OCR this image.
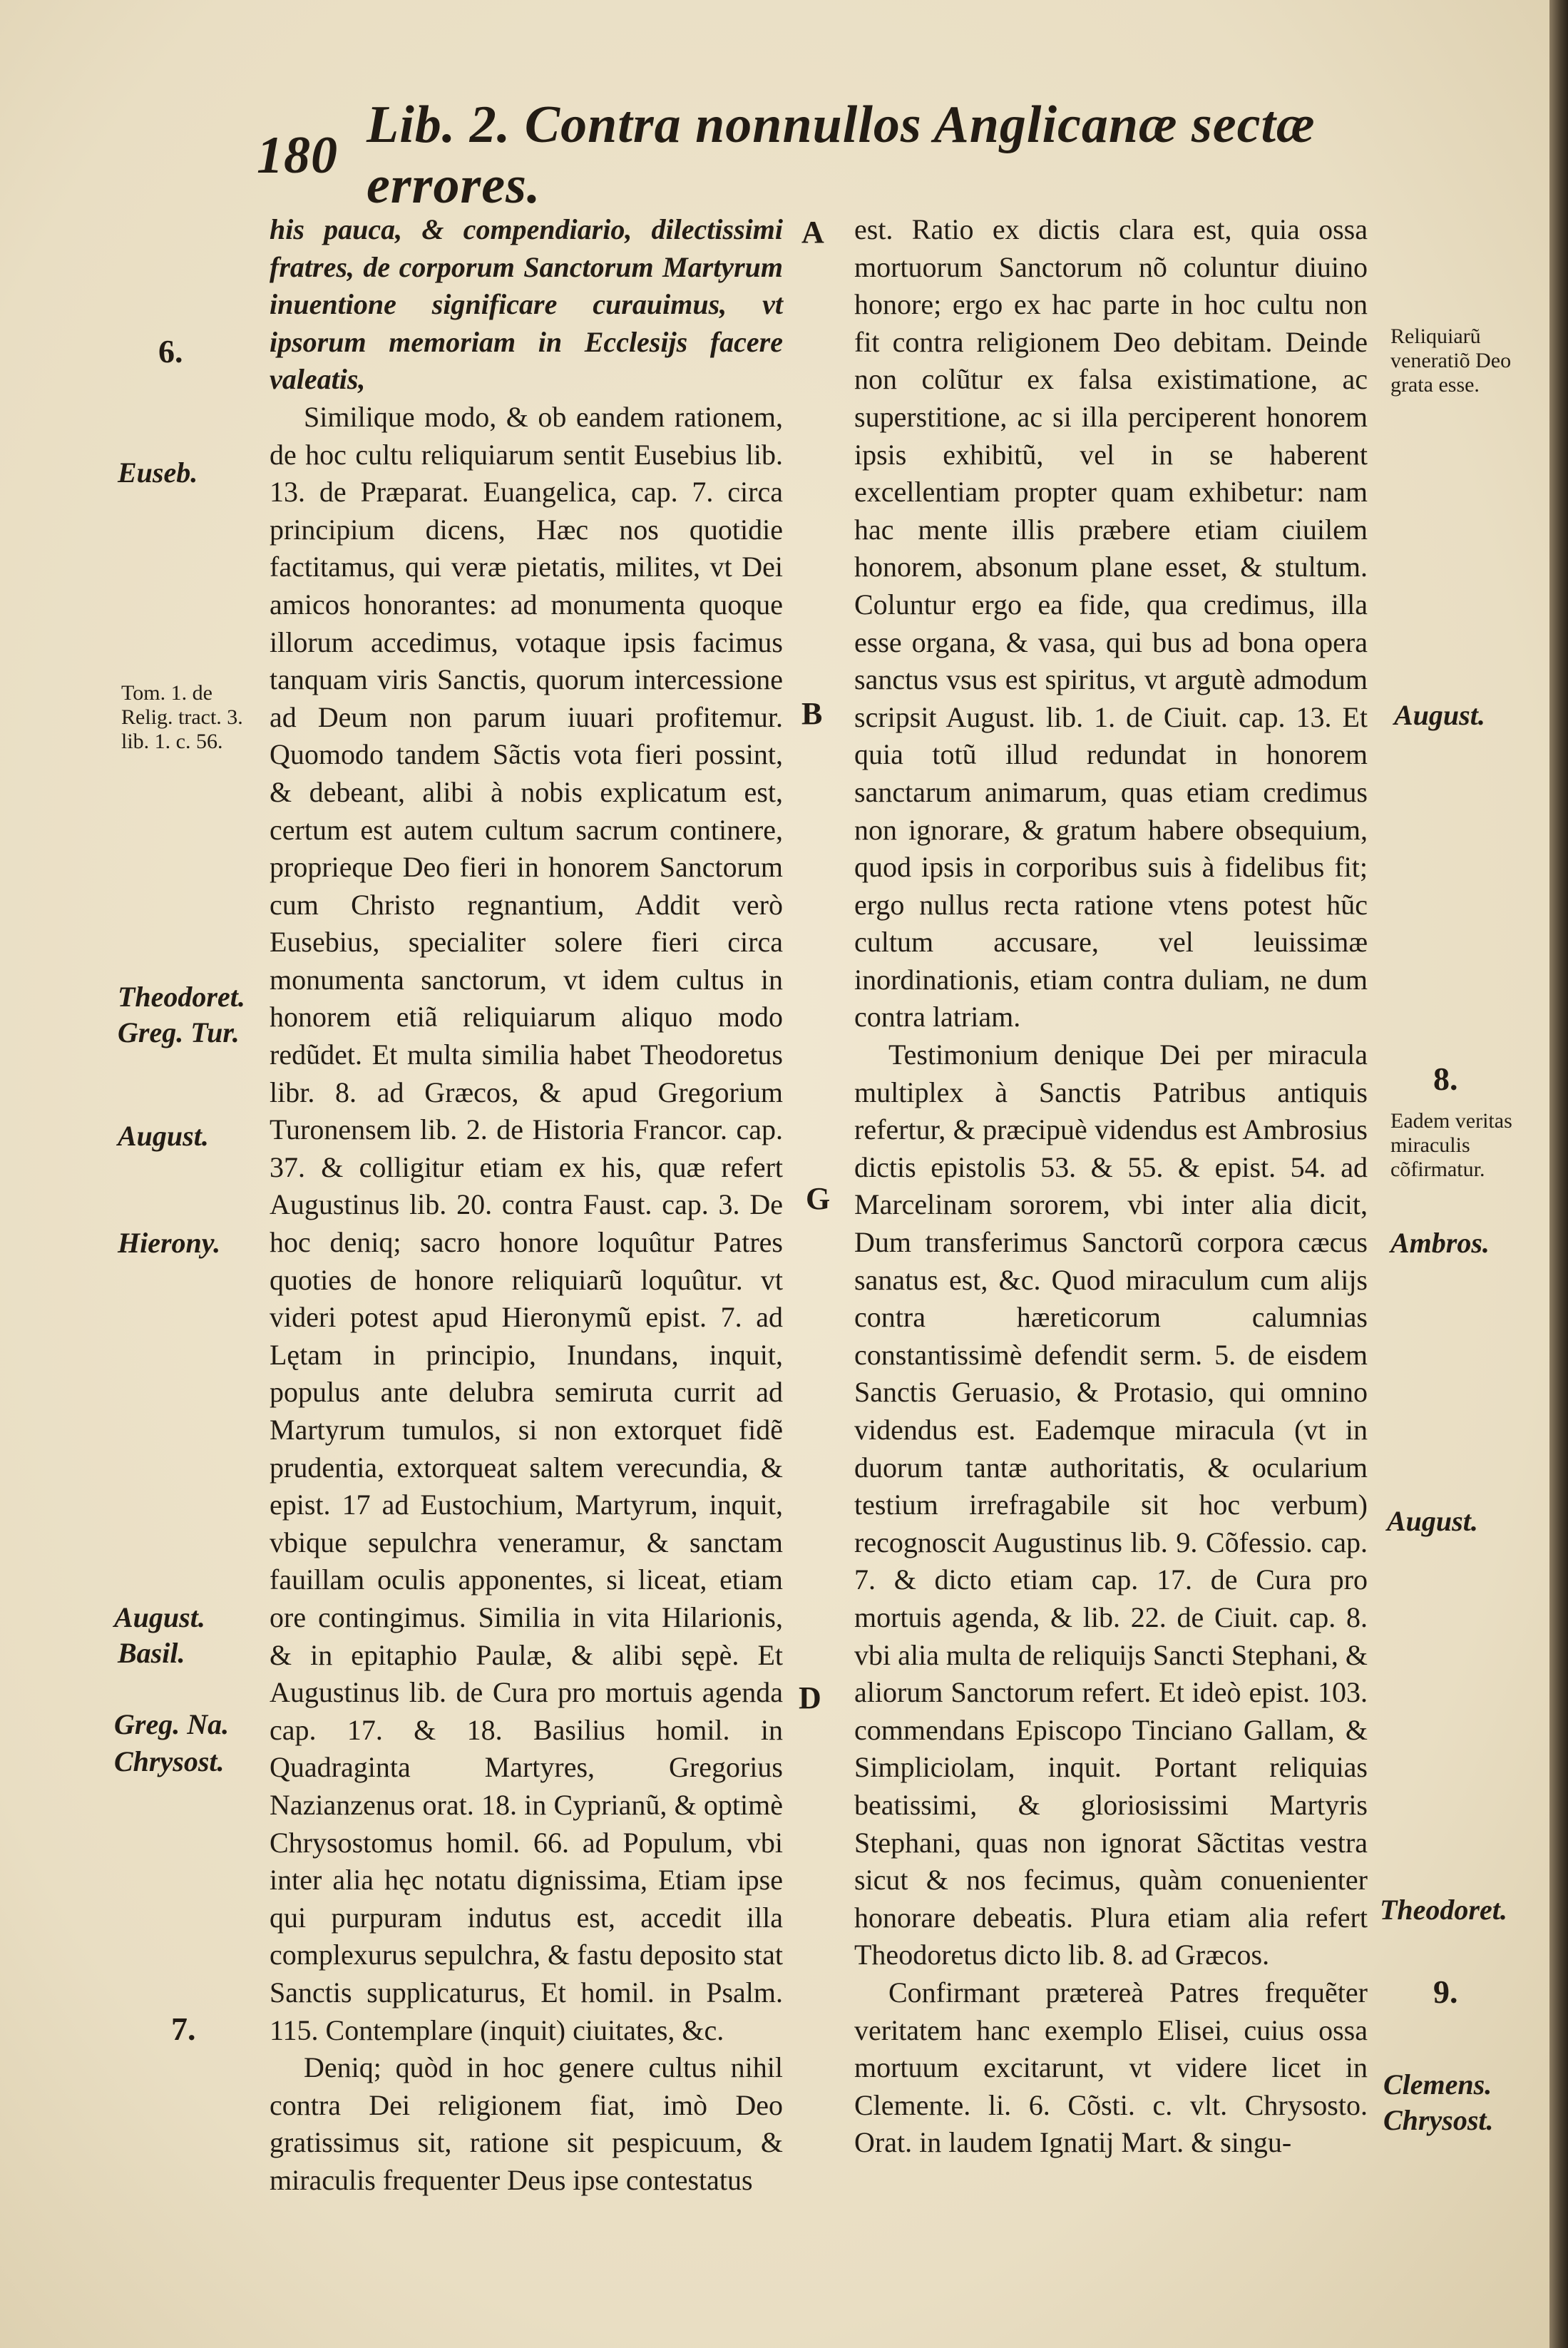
180
Lib. 2. Contra nonnullos Anglicanæ sectæ errores.

his pauca, & compendiario, dilectissimi fratres, de corporum Sanctorum Martyrum inuentione significare curauimus, vt ipsorum memoriam in Ecclesijs facere valeatis,

Similique modo, & ob eandem rationem, de hoc cultu reliquiarum sentit Eusebius lib. 13. de Præparat. Euangelica, cap. 7. circa principium dicens, Hæc nos quotidie factitamus, qui veræ pietatis, milites, vt Dei amicos honorantes: ad monumenta quoque illorum accedimus, votaque ipsis facimus tanquam viris Sanctis, quorum intercessione ad Deum non parum iuuari profitemur. Quomodo tandem Sãctis vota fieri possint, & debeant, alibi à nobis explicatum est, certum est autem cultum sacrum continere, proprieque Deo fieri in honorem Sanctorum cum Christo regnantium, Addit verò Eusebius, specialiter solere fieri circa monumenta sanctorum, vt idem cultus in honorem etiã reliquiarum aliquo modo redũdet. Et multa similia habet Theodoretus libr. 8. ad Græcos, & apud Gregorium Turonensem lib. 2. de Historia Francor. cap. 37. & colligitur etiam ex his, quæ refert Augustinus lib. 20. contra Faust. cap. 3. De hoc deniq; sacro honore loquûtur Patres quoties de honore reliquiarũ loquûtur. vt videri potest apud Hieronymũ epist. 7. ad Lętam in principio, Inundans, inquit, populus ante delubra semiruta currit ad Martyrum tumulos, si non extorquet fidẽ prudentia, extorqueat saltem verecundia, & epist. 17 ad Eustochium, Martyrum, inquit, vbique sepulchra veneramur, & sanctam fauillam oculis apponentes, si liceat, etiam ore contingimus. Similia in vita Hilarionis, & in epitaphio Paulæ, & alibi sępè. Et Augustinus lib. de Cura pro mortuis agenda cap. 17. & 18. Basilius homil. in Quadraginta Martyres, Gregorius Nazianzenus orat. 18. in Cyprianũ, & optimè Chrysostomus homil. 66. ad Populum, vbi inter alia hęc notatu dignissima, Etiam ipse qui purpuram indutus est, accedit illa complexurus sepulchra, & fastu deposito stat Sanctis supplicaturus, Et homil. in Psalm. 115. Contemplare (inquit) ciuitates, &c.

Deniq; quòd in hoc genere cultus nihil contra Dei religionem fiat, imò Deo gratissimus sit, ratione sit pespicuum, & miraculis frequenter Deus ipse contestatus

est. Ratio ex dictis clara est, quia ossa mortuorum Sanctorum nõ coluntur diuino honore; ergo ex hac parte in hoc cultu non fit contra religionem Deo debitam. Deinde non colũtur ex falsa existimatione, ac superstitione, ac si illa perciperent honorem ipsis exhibitũ, vel in se haberent excellentiam propter quam exhibetur: nam hac mente illis præbere etiam ciuilem honorem, absonum plane esset, & stultum. Coluntur ergo ea fide, qua credimus, illa esse organa, & vasa, qui bus ad bona opera sanctus vsus est spiritus, vt argutè admodum scripsit August. lib. 1. de Ciuit. cap. 13. Et quia totũ illud redundat in honorem sanctarum animarum, quas etiam credimus non ignorare, & gratum habere obsequium, quod ipsis in corporibus suis à fidelibus fit; ergo nullus recta ratione vtens potest hũc cultum accusare, vel leuissimæ inordinationis, etiam contra duliam, ne dum contra latriam.

Testimonium denique Dei per miracula multiplex à Sanctis Patribus antiquis refertur, & præcipuè videndus est Ambrosius dictis epistolis 53. & 55. & epist. 54. ad Marcelinam sororem, vbi inter alia dicit, Dum transferimus Sanctorũ corpora cæcus sanatus est, &c. Quod miraculum cum alijs contra hæreticorum calumnias constantissimè defendit serm. 5. de eisdem Sanctis Geruasio, & Protasio, qui omnino videndus est. Eademque miracula (vt in duorum tantæ authoritatis, & ocularium testium irrefragabile sit hoc verbum) recognoscit Augustinus lib. 9. Cõfessio. cap. 7. & dicto etiam cap. 17. de Cura pro mortuis agenda, & lib. 22. de Ciuit. cap. 8. vbi alia multa de reliquijs Sancti Stephani, & aliorum Sanctorum refert. Et ideò epist. 103. commendans Episcopo Tinciano Gallam, & Simpliciolam, inquit. Portant reliquias beatissimi, & gloriosissimi Martyris Stephani, quas non ignorat Sãctitas vestra sicut & nos fecimus, quàm conuenienter honorare debeatis. Plura etiam alia refert Theodoretus dicto lib. 8. ad Græcos.

Confirmant prætereà Patres frequẽter veritatem hanc exemplo Elisei, cuius ossa mortuum excitarunt, vt videre licet in Clemente. li. 6. Cõsti. c. vlt. Chrysosto. Orat. in laudem Ignatij Mart. & singu-

A
B
G
D
6.
Euseb.
Tom. 1. de Relig. tract. 3. lib. 1. c. 56.
Theodoret.
Greg. Tur.
August.
Hierony.
August.
Basil.
Greg. Na.
Chrysost.
7.
Reliquiarũ veneratiõ Deo grata esse.
August.
8.
Eadem veritas miraculis cõfirmatur.
Ambros.
August.
Theodoret.
9.
Clemens.
Chrysost.
